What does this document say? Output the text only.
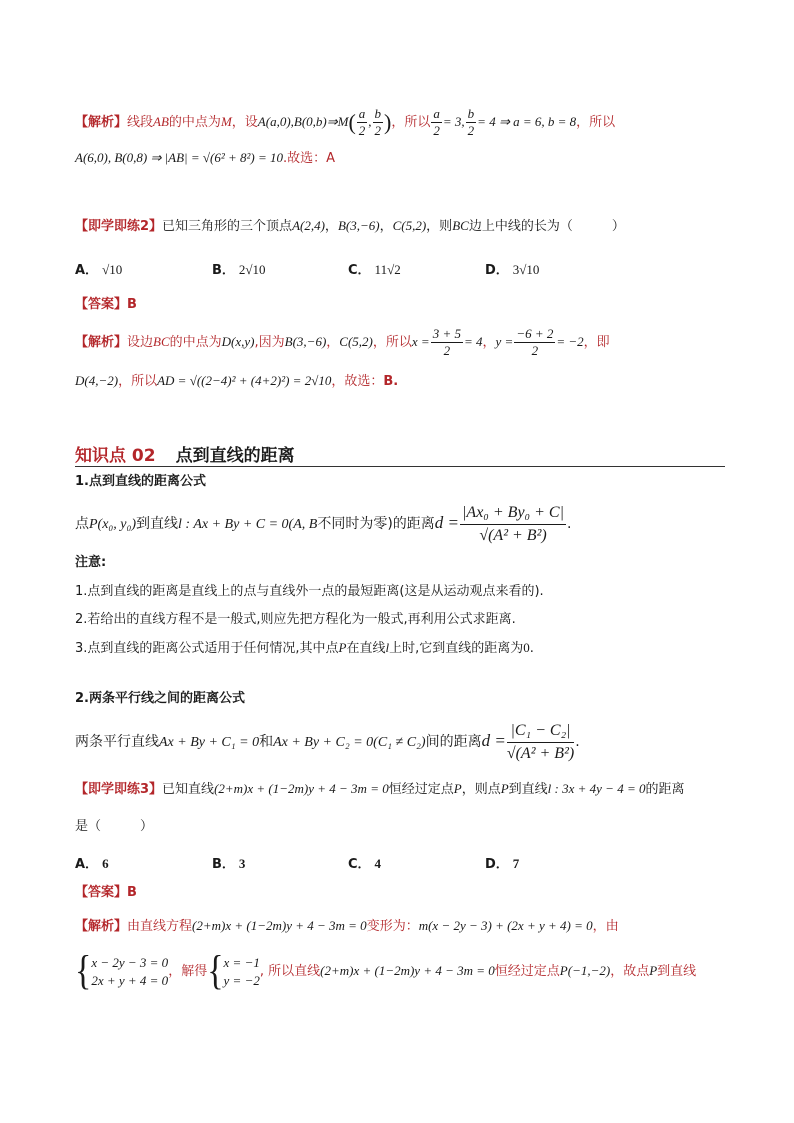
【解析】线段AB的中点为M，设A(a,0),B(0,b)⇒M( $\frac{a}{2}$ , $\frac{b}{2}$ )，所以 $\frac{a}{2} = 3$, $\frac{b}{2} = 4$ ⇒ a = 6, b = 8，所以
A(6,0), B(0,8) ⇒ |AB| = √(6² + 8²) = 10.故选：A
【即学即练2】已知三角形的三个顶点A(2,4)，B(3,−6)，C(5,2)，则BC边上中线的长为（　　　）
A． √10	B． 2√10	C． 11√2	D． 3√10
【答案】B
【解析】设边BC的中点为D(x,y),因为B(3,−6)，C(5,2)，所以$x = \frac{3 + 5}{2} = 4$，$y = \frac{-6 + 2}{2} = -2$，即
D(4,−2)，所以AD = √((2−4)² + (4+2)²) = 2√10，故选：B.
知识点 02 点到直线的距离
1.点到直线的距离公式
点P(x₀, y₀)到直线l : Ax + By + C = 0(A, B不同时为零)的距离$d = \frac{\text{|Ax₀ + By₀ + C|}}{\text{√(A² + B²)}}$ .
注意:
1.点到直线的距离是直线上的点与直线外一点的最短距离(这是从运动观点来看的).
2.若给出的直线方程不是一般式,则应先把方程化为一般式,再利用公式求距离.
3.点到直线的距离公式适用于任何情况,其中点P在直线l上时,它到直线的距离为0.
2.两条平行线之间的距离公式
两条平行直线Ax + By + C₁ = 0和Ax + By + C₂ = 0(C₁ ≠ C₂)间的距离$d = \frac{\text{|C₁ − C₂|}}{\text{√(A² + B²)}}$ .
【即学即练3】已知直线(2+m)x + (1−2m)y + 4 − 3m = 0恒经过定点P，则点P到直线l : 3x + 4y − 4 = 0的距离
是（　　　）
A． 6	B． 3	C． 4	D． 7
【答案】B
【解析】由直线方程(2+m)x + (1−2m)y + 4 − 3m = 0变形为：m(x − 2y − 3) + (2x + y + 4) = 0，由
{ x − 2y − 3 = 0
2x + y + 4 = 0
，解得{ x = −1
y = −2
, 所以直线(2+m)x + (1−2m)y + 4 − 3m = 0恒经过定点P(−1,−2)，故点P到直线
